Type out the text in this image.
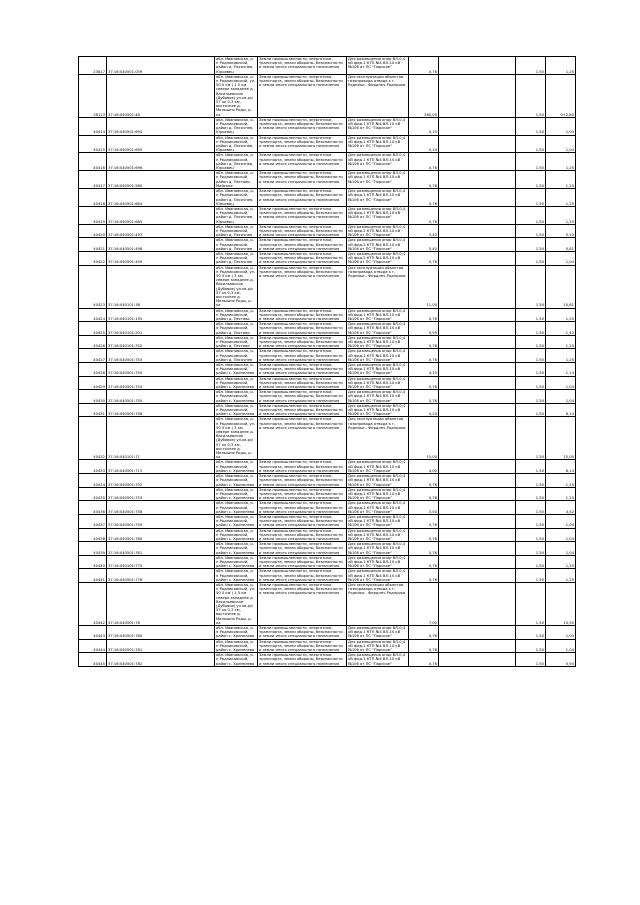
23817	37:16:040501:039	обл. Ивановская, р-н Родниковский, район д. Песочнев, Юрьевец	Земли промышленности, энергетики, транспорта, земли обороны, безопасности и земли иного специального назначения	Для размещения опор ВЛ-0,4 кВ фид.1 КТП №4 ВЛ-10 кВ №106 от ПС "Парское"	0,76		1,50	1,25
38113	37:16:040501:48	обл. Ивановская, р-н Родниковский, ул. 50 0 км ( 1,5 км севере западнее д. Васильевское (Дубовое) ул.кв.р/с 57 ко 0,3 км, восточнее д. Малышно Роды, р-ка	Земли промышленности, энергетики, транспорта, земли обороны, безопасности и земли иного специального назначения	Для эксплуатации объектов газопровода отвода к г. Родники - Фердпеч-Роднрики	260,00		1,50	9+2,80
40414	37:16:040501:694	обл. Ивановская, р-н Родниковский, район д. Песочнев, Юрьевец	Земли промышленности, энергетики, транспорта, земли обороны, безопасности и земли иного специального назначения	Для размещения опор ВЛ-0,4 кВ фид.1 КТП №4 ВЛ-10 кВ №106 от ПС "Парское"	0,10		1,50	1,04
40415	37:16:040501:695	обл. Ивановская, р-н Родниковский, район д. Песочнев, Юрьевец	Земли промышленности, энергетики, транспорта, земли обороны, безопасности и земли иного специального назначения	Для размещения опор ВЛ-0,4 кВ фид.1 КТП №4 ВЛ-10 кВ №106 от ПС "Парское"	0,10		1,50	1,04
40416	37:16:040501:696	обл. Ивановская, р-н Родниковский, район д. Песочнев, Юрьевец	Земли промышленности, энергетики, транспорта, земли обороны, безопасности и земли иного специального назначения	Для размещения опор ВЛ-0,4 кВ фид.1 КТП №4 ВЛ-10 кВ №106 от ПС "Парское"	0,76		1,50	1,25
40417	37:16:040501:580	обл. Ивановская, р-н Родниковский, район д. Пестово, Майское	Земли промышленности, энергетики, транспорта, земли обороны, безопасности и земли иного специального назначения	Для размещения опор ВЛ-0,4 кВ фид.1 КТП №4 ВЛ-10 кВ №106 от ПС "Парское"	0,76		1,50	1,25
40418	37:16:040501:684	обл. Ивановская, р-н Родниковский, район д. Песочнев, Юрьевец	Земли промышленности, энергетики, транспорта, земли обороны, безопасности и земли иного специального назначения	Для размещения опор ВЛ-0,4 кВ фид.1 КТП №4 ВЛ-10 кВ №106 от ПС "Парское"	0,76		1,50	1,25
40419	37:16:040501:685	обл. Ивановская, р-н Родниковский, район д. Песочнев, Юрьевец	Земли промышленности, энергетики, транспорта, земли обороны, безопасности и земли иного специального назначения	Для размещения опор ВЛ-0,4 кВ фид.1 КТП №4 ВЛ-10 кВ №106 от ПС "Парское"	0,76		1,50	1,25
40420	37:16:040501:497	обл. Ивановская, р-н Родниковский, район д. Песочнев	Земли промышленности, энергетики, транспорта, земли обороны, безопасности и земли иного специального назначения	Для размещения опор ВЛ-0,4 кВ фид.2 КТП №4 ВЛ-10 кВ №106 от ПС "Парское"	3,40		1,50	5,10
40421	37:16:040501:498	обл. Ивановская, р-н Родниковский, район д. Песочнев	Земли промышленности, энергетики, транспорта, земли обороны, безопасности и земли иного специального назначения	Для размещения опор ВЛ-0,4 кВ фид.2 КТП №4 ВЛ-10 кВ №106 от ПС "Парское"	5,40		1,50	0,81
40422	37:16:040501:499	обл. Ивановская, р-н Родниковский, район д. Песочнев	Земли промышленности, энергетики, транспорта, земли обороны, безопасности и земли иного специального назначения	Для размещения опор ВЛ-0,4 кВ фид.2 КТП №4 ВЛ-10 кВ №106 от ПС "Парское"	0,76		1,50	1,04
40423	37:16:040101:38	обл. Ивановская, р-н Родниковский, ул. 50 0 км ( 3 км севере западнее д. Васильевское (Дубовое) ул.кв.р/с 57 ко 0,3 км, восточнее д. Малышно Роды, р-ка	Земли промышленности, энергетики, транспорта, земли обороны, безопасности и земли иного специального назначения	Для эксплуатации объектов газопровода отвода к г. Родники - Фердпеч-Роднрики	11,00		1,50	10,81
40424	37:16:040101:155	обл. Ивановская, р-н Родниковский, район д. Пестово	Земли промышленности, энергетики, транспорта, земли обороны, безопасности и земли иного специального назначения	Для размещения опор ВЛ-0,4 кВ фид.1 КТП №4 ВЛ-10 кВ №106 от ПС "Парское"	0,76		1,50	1,25
40425	37:16:040101:201	обл. Ивановская, р-н Родниковский, район д. Пестово	Земли промышленности, энергетики, транспорта, земли обороны, безопасности и земли иного специального назначения	Для размещения опор ВЛ-0,4 кВ фид.1 КТП №4 ВЛ-10 кВ №106 от ПС "Парское"	0,95		1,50	1,43
40426	37:16:040101:752	обл. Ивановская, р-н Родниковский, район д. Пестово	Земли промышленности, энергетики, транспорта, земли обороны, безопасности и земли иного специального назначения	Для размещения опор ВЛ-0,4 кВ фид.1 КТП №4 ВЛ-10 кВ №106 от ПС "Парское"	0,76		1,50	1,25
40427	37:16:040501:753	обл. Ивановская, р-н Родниковский, район д. Песочнев	Земли промышленности, энергетики, транспорта, земли обороны, безопасности и земли иного специального назначения	Для размещения опор ВЛ-0,4 кВ фид.1 КТП №4 ВЛ-10 кВ №106 от ПС "Парское"	0,76		1,50	1,25
40428	37:16:040501:750	обл. Ивановская, р-н Родниковский, район с. Хрипелево	Земли промышленности, энергетики, транспорта, земли обороны, безопасности и земли иного специального назначения	Для размещения опор ВЛ-0,4 кВ фид.1 КТП №4 ВЛ-10 кВ №106 от ПС "Парское"	4,10		1,50	1,14
40429	37:16:040501:754	обл. Ивановская, р-н Родниковский, район с. Хрипелево	Земли промышленности, энергетики, транспорта, земли обороны, безопасности и земли иного специального назначения	Для размещения опор ВЛ-0,4 кВ фид.1 КТП №4 ВЛ-10 кВ №106 от ПС "Парское"	0,76		1,50	1,04
40430	37:16:040501:755	обл. Ивановская, р-н Родниковский, район с. Хрипелево	Земли промышленности, энергетики, транспорта, земли обороны, безопасности и земли иного специального назначения	Для размещения опор ВЛ-0,4 кВ фид.1 КТП №4 ВЛ-10 кВ №106 от ПС "Парское"	0,76		1,50	1,04
40431	37:16:040501:756	обл. Ивановская, р-н Родниковский, район с. Хрипелево	Земли промышленности, энергетики, транспорта, земли обороны, безопасности и земли иного специального назначения	Для размещения опор ВЛ-0,4 кВ фид.1 КТП №4 ВЛ-10 кВ №106 от ПС "Парское"	4,20		1,50	6,14
40432	37:16:040101:71	обл. Ивановская, р-н Родниковский, ул. 50 0 км ( 3 км севере западнее д. Васильевское (Дубовое) ул.кв.р/с 57 ко 0,3 км, восточнее д. Малышно Роды, р-ка	Земли промышленности, энергетики, транспорта, земли обороны, безопасности и земли иного специального назначения	Для эксплуатации объектов газопровода отвода к г. Родники - Фердпеч-Роднрики	15,00		1,50	15,00
40433	37:16:040501:713	обл. Ивановская, р-н Родниковский, район с. Хрипелево	Земли промышленности, энергетики, транспорта, земли обороны, безопасности и земли иного специального назначения	Для размещения опор ВЛ-0,4 кВ фид.1 КТП №4 ВЛ-10 кВ №106 от ПС "Парское"	4,00		1,50	6,14
40434	37:16:040501:752	обл. Ивановская, р-н Родниковский, район с. Хрипелево	Земли промышленности, энергетики, транспорта, земли обороны, безопасности и земли иного специального назначения	Для размещения опор ВЛ-0,4 кВ фид.1 КТП №4 ВЛ-10 кВ №106 от ПС "Парское"	0,76		1,50	1,25
40435	37:16:040501:753	обл. Ивановская, р-н Родниковский, район с. Хрипелево	Земли промышленности, энергетики, транспорта, земли обороны, безопасности и земли иного специального назначения	Для размещения опор ВЛ-0,4 кВ фид.1 КТП №4 ВЛ-10 кВ №106 от ПС "Парское"	0,76		1,50	1,25
40436	37:16:040501:758	обл. Ивановская, р-н Родниковский, район с. Хрипелево	Земли промышленности, энергетики, транспорта, земли обороны, безопасности и земли иного специального назначения	Для размещения опор ВЛ-0,4 кВ фид.1 КТП №4 ВЛ-10 кВ №106 от ПС "Парское"	3,50		1,50	4,52
40437	37:16:040501:759	обл. Ивановская, р-н Родниковский, район с. Хрипелево	Земли промышленности, энергетики, транспорта, земли обороны, безопасности и земли иного специального назначения	Для размещения опор ВЛ-0,4 кВ фид.1 КТП №4 ВЛ-10 кВ №106 от ПС "Парское"	0,76		1,50	1,04
40438	37:16:040501:760	обл. Ивановская, р-н Родниковский, район с. Хрипелево	Земли промышленности, энергетики, транспорта, земли обороны, безопасности и земли иного специального назначения	Для размещения опор ВЛ-0,4 кВ фид.1 КТП №4 ВЛ-10 кВ №106 от ПС "Парское"	0,76		1,50	1,04
40439	37:16:040501:761	обл. Ивановская, р-н Родниковский, район с. Хрипелево	Земли промышленности, энергетики, транспорта, земли обороны, безопасности и земли иного специального назначения	Для размещения опор ВЛ-0,4 кВ фид.1 КТП №4 ВЛ-10 кВ №106 от ПС "Парское"	0,76		1,50	1,04
40440	37:16:040101:775	обл. Ивановская, р-н Родниковский, район с. Хрипелево	Земли промышленности, энергетики, транспорта, земли обороны, безопасности и земли иного специального назначения	Для размещения опор ВЛ-0,4 кВ фид.1 КТП №4 ВЛ-10 кВ №106 от ПС "Парское"	0,76		1,50	1,25
40441	37:16:040501:776	обл. Ивановская, р-н Родниковский, район с. Хрипелево	Земли промышленности, энергетики, транспорта, земли обороны, безопасности и земли иного специального назначения	Для размещения опор ВЛ-0,4 кВ фид.1 КТП №4 ВЛ-10 кВ №106 от ПС "Парское"	0,76		1,50	1,25
40442	37:16:040501:78	обл. Ивановская, р-н Родниковский, ул. 50 0 км ( 1,5 км севере западнее д. Васильевское (Дубовое) ул.кв.р/с 57 ко 0,3 км, восточнее д. Малышно Роды, р-ка	Земли промышленности, энергетики, транспорта, земли обороны, безопасности и земли иного специального назначения	Для эксплуатации объектов газопровода отвода к г. Родники - Фердпеч-Роднрики	7,00		1,50	10,50
40443	37:16:040501:780	обл. Ивановская, р-н Родниковский, район с. Хрипелево	Земли промышленности, энергетики, транспорта, земли обороны, безопасности и земли иного специального назначения	Для размещения опор ВЛ-0,4 кВ фид.1 КТП №4 ВЛ-10 кВ №106 от ПС "Парское"	0,76		1,50	1,04
40444	37:16:040501:781	обл. Ивановская, р-н Родниковский, район с. Хрипелево	Земли промышленности, энергетики, транспорта, земли обороны, безопасности и земли иного специального назначения	Для размещения опор ВЛ-0,4 кВ фид.1 КТП №4 ВЛ-10 кВ №106 от ПС "Парское"	0,76		1,50	1,04
40445	37:16:040501:782	обл. Ивановская, р-н Родниковский, район с. Хрипелево	Земли промышленности, энергетики, транспорта, земли обороны, безопасности и земли иного специального назначения	Для размещения опор ВЛ-0,4 кВ фид.1 КТП №4 ВЛ-10 кВ №106 от ПС "Парское"	0,76		1,50	0,94
